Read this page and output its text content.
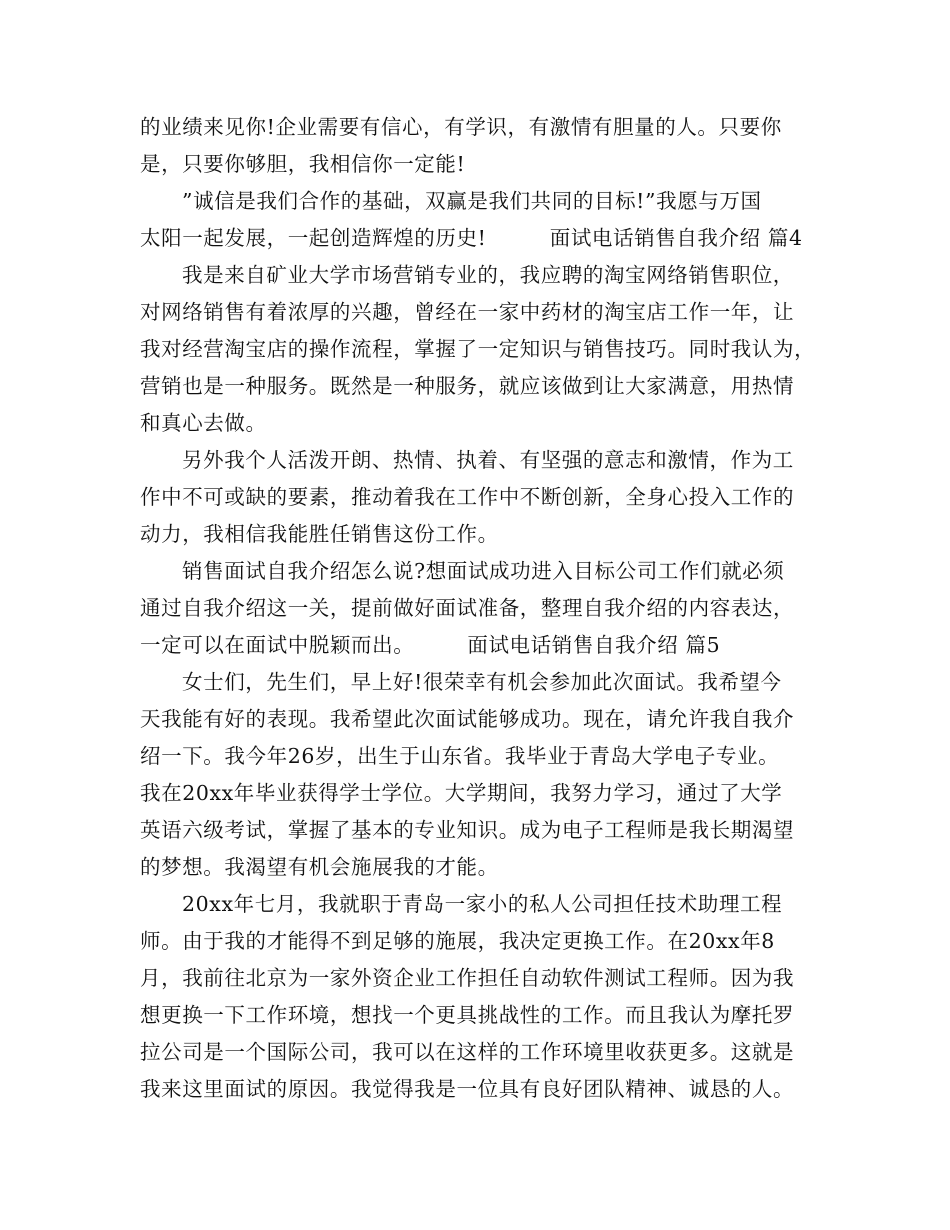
的业绩来见你!企业需要有信心，有学识，有激情有胆量的人。只要你
是，只要你够胆，我相信你一定能!
”诚信是我们合作的基础，双赢是我们共同的目标!”我愿与万国
太阳一起发展，一起创造辉煌的历史!　　　面试电话销售自我介绍 篇4
我是来自矿业大学市场营销专业的，我应聘的淘宝网络销售职位，
对网络销售有着浓厚的兴趣，曾经在一家中药材的淘宝店工作一年，让
我对经营淘宝店的操作流程，掌握了一定知识与销售技巧。同时我认为，
营销也是一种服务。既然是一种服务，就应该做到让大家满意，用热情
和真心去做。
另外我个人活泼开朗、热情、执着、有坚强的意志和激情，作为工
作中不可或缺的要素，推动着我在工作中不断创新，全身心投入工作的
动力，我相信我能胜任销售这份工作。
销售面试自我介绍怎么说?想面试成功进入目标公司工作们就必须
通过自我介绍这一关，提前做好面试准备，整理自我介绍的内容表达，
一定可以在面试中脱颖而出。　　　面试电话销售自我介绍 篇5
女士们，先生们，早上好!很荣幸有机会参加此次面试。我希望今
天我能有好的表现。我希望此次面试能够成功。现在，请允许我自我介
绍一下。我今年26岁，出生于山东省。我毕业于青岛大学电子专业。
我在20xx年毕业获得学士学位。大学期间，我努力学习，通过了大学
英语六级考试，掌握了基本的专业知识。成为电子工程师是我长期渴望
的梦想。我渴望有机会施展我的才能。
20xx年七月，我就职于青岛一家小的私人公司担任技术助理工程
师。由于我的才能得不到足够的施展，我决定更换工作。在20xx年8
月，我前往北京为一家外资企业工作担任自动软件测试工程师。因为我
想更换一下工作环境，想找一个更具挑战性的工作。而且我认为摩托罗
拉公司是一个国际公司，我可以在这样的工作环境里收获更多。这就是
我来这里面试的原因。我觉得我是一位具有良好团队精神、诚恳的人。
